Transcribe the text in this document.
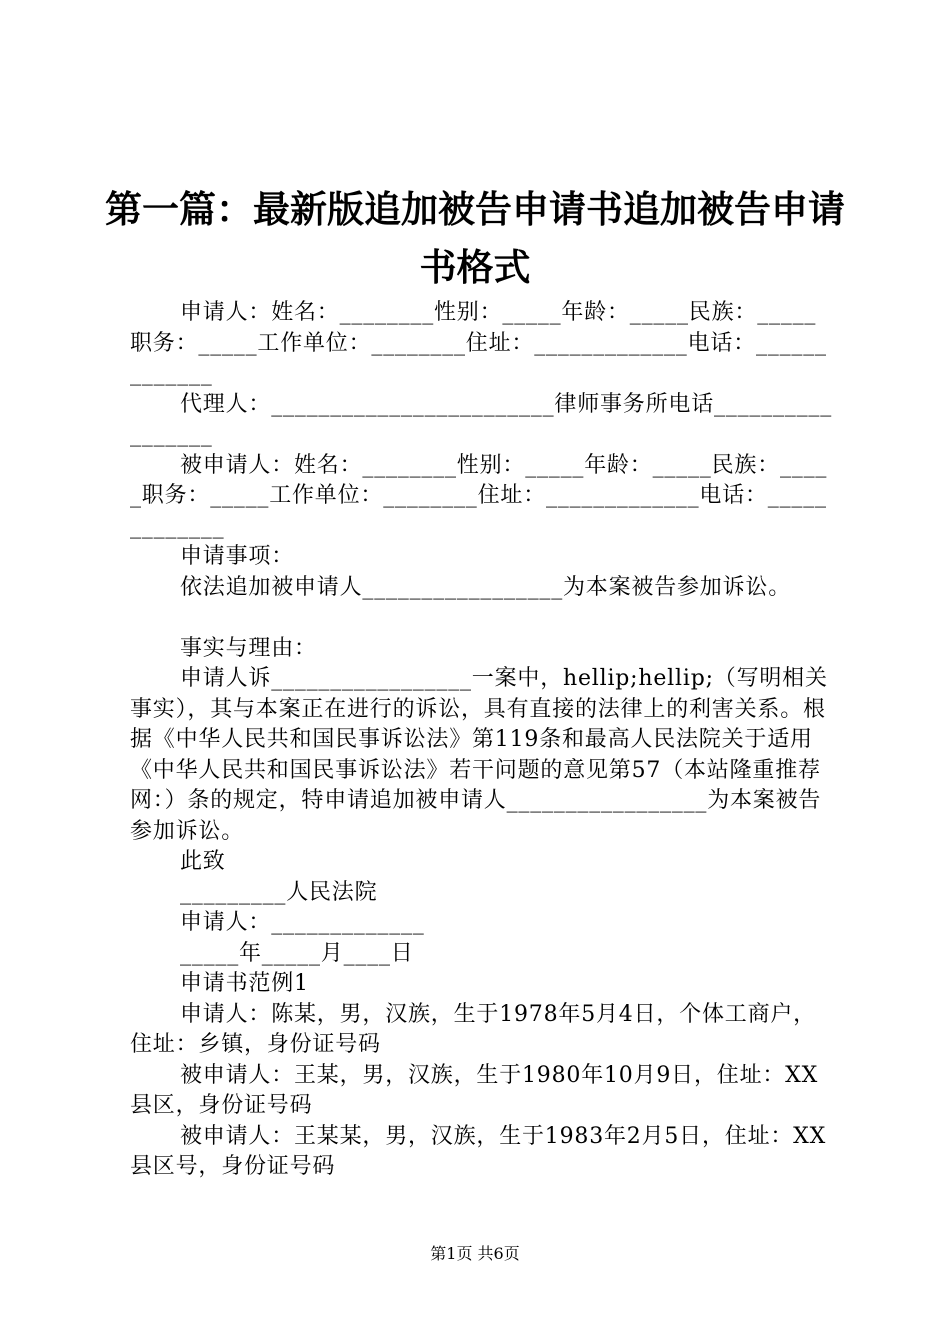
第一篇：最新版追加被告申请书追加被告申请
书格式

申请人：姓名：________性别：_____年龄：_____民族：_____职务：_____工作单位：________住址：_____________电话：_____________

代理人：________________________律师事务所电话_________________

被申请人：姓名：________性别：_____年龄：_____民族：_____职务：_____工作单位：________住址：_____________电话：_____________

申请事项：

依法追加被申请人_________________为本案被告参加诉讼。

事实与理由：

申请人诉_________________一案中，hellip;hellip;（写明相关事实），其与本案正在进行的诉讼，具有直接的法律上的利害关系。根据《中华人民共和国民事诉讼法》第119条和最高人民法院关于适用《中华人民共和国民事诉讼法》若干问题的意见第57（本站隆重推荐网：）条的规定，特申请追加被申请人_________________为本案被告参加诉讼。

此致

_________人民法院

申请人：_____________

_____年_____月____日

申请书范例1

申请人：陈某，男，汉族，生于1978年5月4日，个体工商户，住址：乡镇，身份证号码

被申请人：王某，男，汉族，生于1980年10月9日，住址：XX县区，身份证号码

被申请人：王某某，男，汉族，生于1983年2月5日，住址：XX县区号，身份证号码

第1页 共6页
